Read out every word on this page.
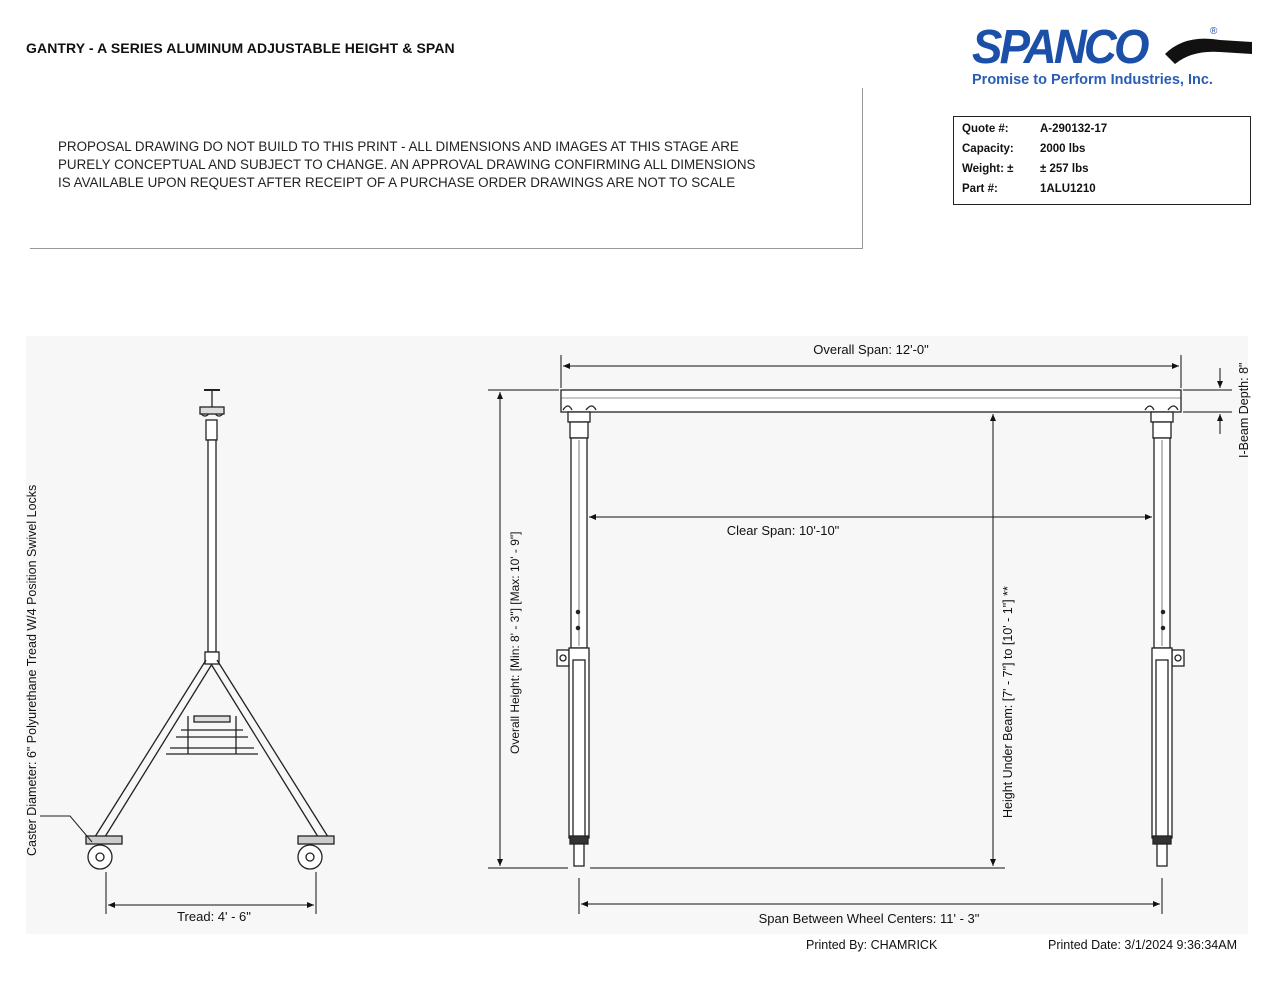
GANTRY - A SERIES ALUMINUM ADJUSTABLE HEIGHT & SPAN
PROPOSAL DRAWING DO NOT BUILD TO THIS PRINT - ALL DIMENSIONS AND IMAGES AT THIS STAGE ARE
PURELY CONCEPTUAL AND SUBJECT TO CHANGE. AN APPROVAL DRAWING CONFIRMING ALL DIMENSIONS
IS AVAILABLE UPON REQUEST AFTER RECEIPT OF A PURCHASE ORDER DRAWINGS ARE NOT TO SCALE
SPANCO	®
Promise to Perform Industries, Inc.
Quote #:	A-290132-17
Capacity:	2000 lbs
Weight: ±	± 257 lbs
Part #:	1ALU1210
Tread: 4' - 6"
Caster Diameter: 6" Polyurethane Tread W/4 Position Swivel Locks
Overall Span: 12'-0"
Clear Span: 10'-10"
Span Between Wheel Centers: 11' - 3"
Overall Height: [Min: 8' - 3"] [Max: 10' - 9"]	Height Under Beam: [7' - 7"] to [10' - 1"] **
I-Beam Depth: 8"
Printed By: CHAMRICK	Printed Date: 3/1/2024 9:36:34AM
